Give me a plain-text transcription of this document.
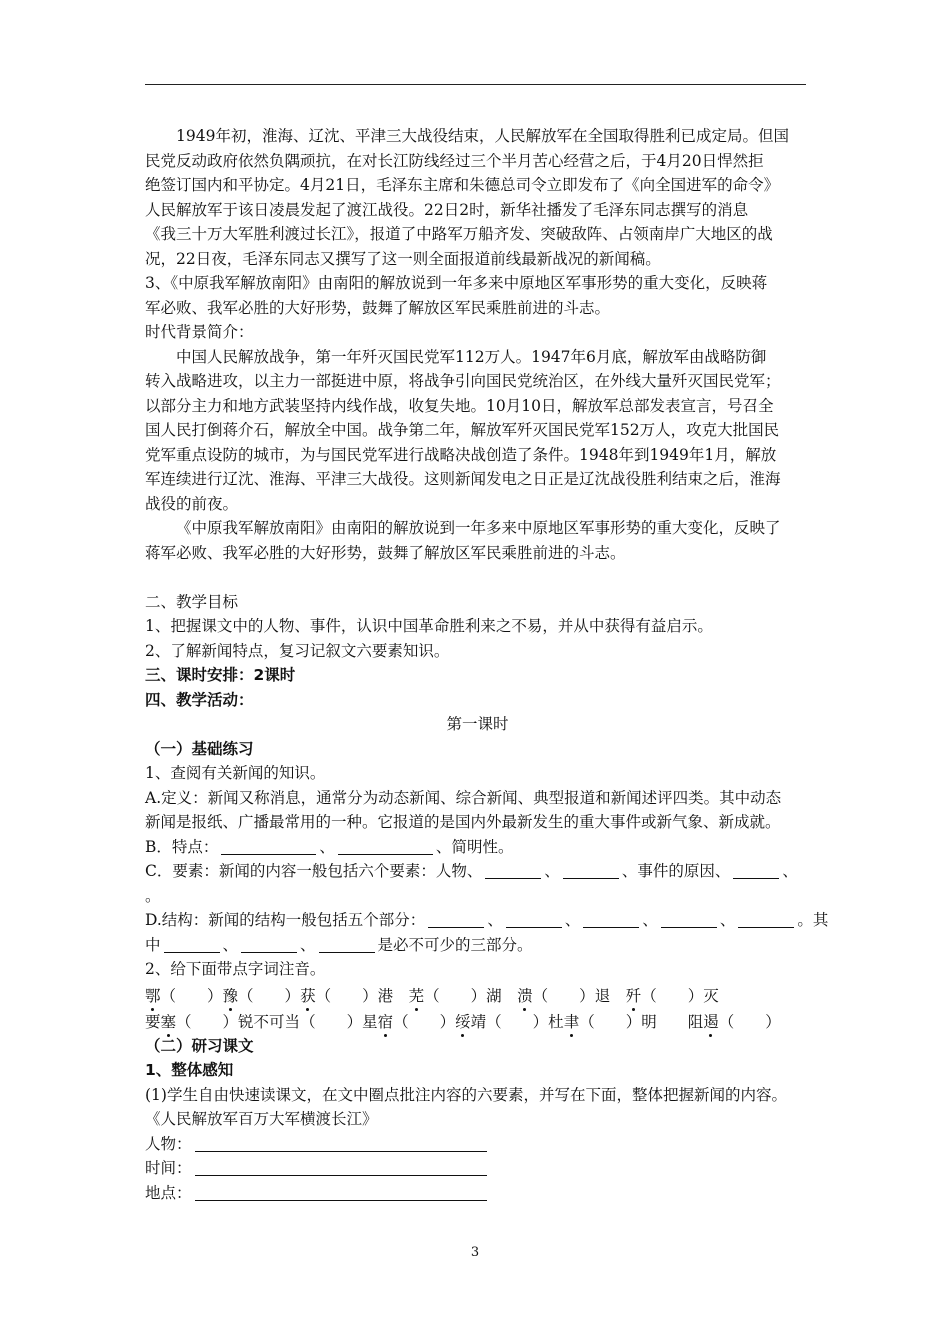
1949年初，淮海、辽沈、平津三大战役结束，人民解放军在全国取得胜利已成定局。但国

民党反动政府依然负隅顽抗，在对长江防线经过三个半月苦心经营之后，于4月20日悍然拒

绝签订国内和平协定。4月21日，毛泽东主席和朱德总司令立即发布了《向全国进军的命令》

人民解放军于该日凌晨发起了渡江战役。22日2时，新华社播发了毛泽东同志撰写的消息

《我三十万大军胜利渡过长江》，报道了中路军万船齐发、突破敌阵、占领南岸广大地区的战

况，22日夜，毛泽东同志又撰写了这一则全面报道前线最新战况的新闻稿。

3、《中原我军解放南阳》由南阳的解放说到一年多来中原地区军事形势的重大变化，反映蒋

军必败、我军必胜的大好形势，鼓舞了解放区军民乘胜前进的斗志。

时代背景简介：

中国人民解放战争，第一年歼灭国民党军112万人。1947年6月底，解放军由战略防御

转入战略进攻，以主力一部挺进中原，将战争引向国民党统治区，在外线大量歼灭国民党军；

以部分主力和地方武装坚持内线作战，收复失地。10月10日，解放军总部发表宣言，号召全

国人民打倒蒋介石，解放全中国。战争第二年，解放军歼灭国民党军152万人，攻克大批国民

党军重点设防的城市，为与国民党军进行战略决战创造了条件。1948年到1949年1月，解放

军连续进行辽沈、淮海、平津三大战役。这则新闻发电之日正是辽沈战役胜利结束之后，淮海

战役的前夜。

《中原我军解放南阳》由南阳的解放说到一年多来中原地区军事形势的重大变化，反映了

蒋军必败、我军必胜的大好形势，鼓舞了解放区军民乘胜前进的斗志。

二、教学目标

1、把握课文中的人物、事件，认识中国革命胜利来之不易，并从中获得有益启示。

2、了解新闻特点，复习记叙文六要素知识。

三、课时安排：2课时

四、教学活动：

第一课时

（一）基础练习

1、查阅有关新闻的知识。

A.定义：新闻又称消息，通常分为动态新闻、综合新闻、典型报道和新闻述评四类。其中动态

新闻是报纸、广播最常用的一种。它报道的是国内外最新发生的重大事件或新气象、新成就。

B．特点：	、	、简明性。

C．要素：新闻的内容一般包括六个要素：人物、	、	、事件的原因、	、

。

D.结构：新闻的结构一般包括五个部分：	、	、	、	、	。其

中	、	、	是必不可少的三部分。

2、给下面带点字词注音。

鄂 （　　） 豫 （　　） 获 （　　） 港　 芜 （　　） 湖　 溃 （　　） 退　 歼 （　　） 灭
要 塞 （　　） 锐不可当 （　　） 星 宿 （　　） 绥 靖 （　　） 杜 聿 （　　） 明　　阻 遏 （　　）

（二）研习课文

1、整体感知

(1)学生自由快速读课文，在文中圈点批注内容的六要素，并写在下面，整体把握新闻的内容。

《人民解放军百万大军横渡长江》

人物：

时间：

地点：

3
